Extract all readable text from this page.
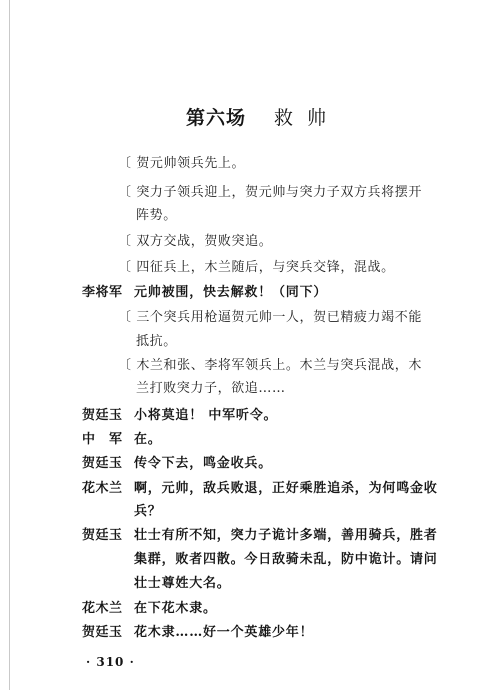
第六场 救帅
〔 贺元帅领兵先上。
〔 突力子领兵迎上，贺元帅与突力子双方兵将摆开
阵势。
〔 双方交战，贺败突追。
〔 四征兵上，木兰随后，与突兵交锋，混战。
李将军 元帅被围，快去解救！（同下）
〔 三个突兵用枪逼贺元帅一人，贺已精疲力竭不能
抵抗。
〔 木兰和张、李将军领兵上。木兰与突兵混战，木
兰打败突力子，欲追……
贺廷玉 小将莫追！ 中军听令。
中军
在。
贺廷玉 传令下去，鸣金收兵。
花木兰 啊，元帅，敌兵败退，正好乘胜追杀，为何鸣金收
兵？
贺廷玉 壮士有所不知，突力子诡计多端，善用骑兵，胜者
集群，败者四散。今日敌骑未乱，防中诡计。请问
壮士尊姓大名。
花木兰 在下花木隶。
贺廷玉 花木隶……好一个英雄少年！
· 310 ·
